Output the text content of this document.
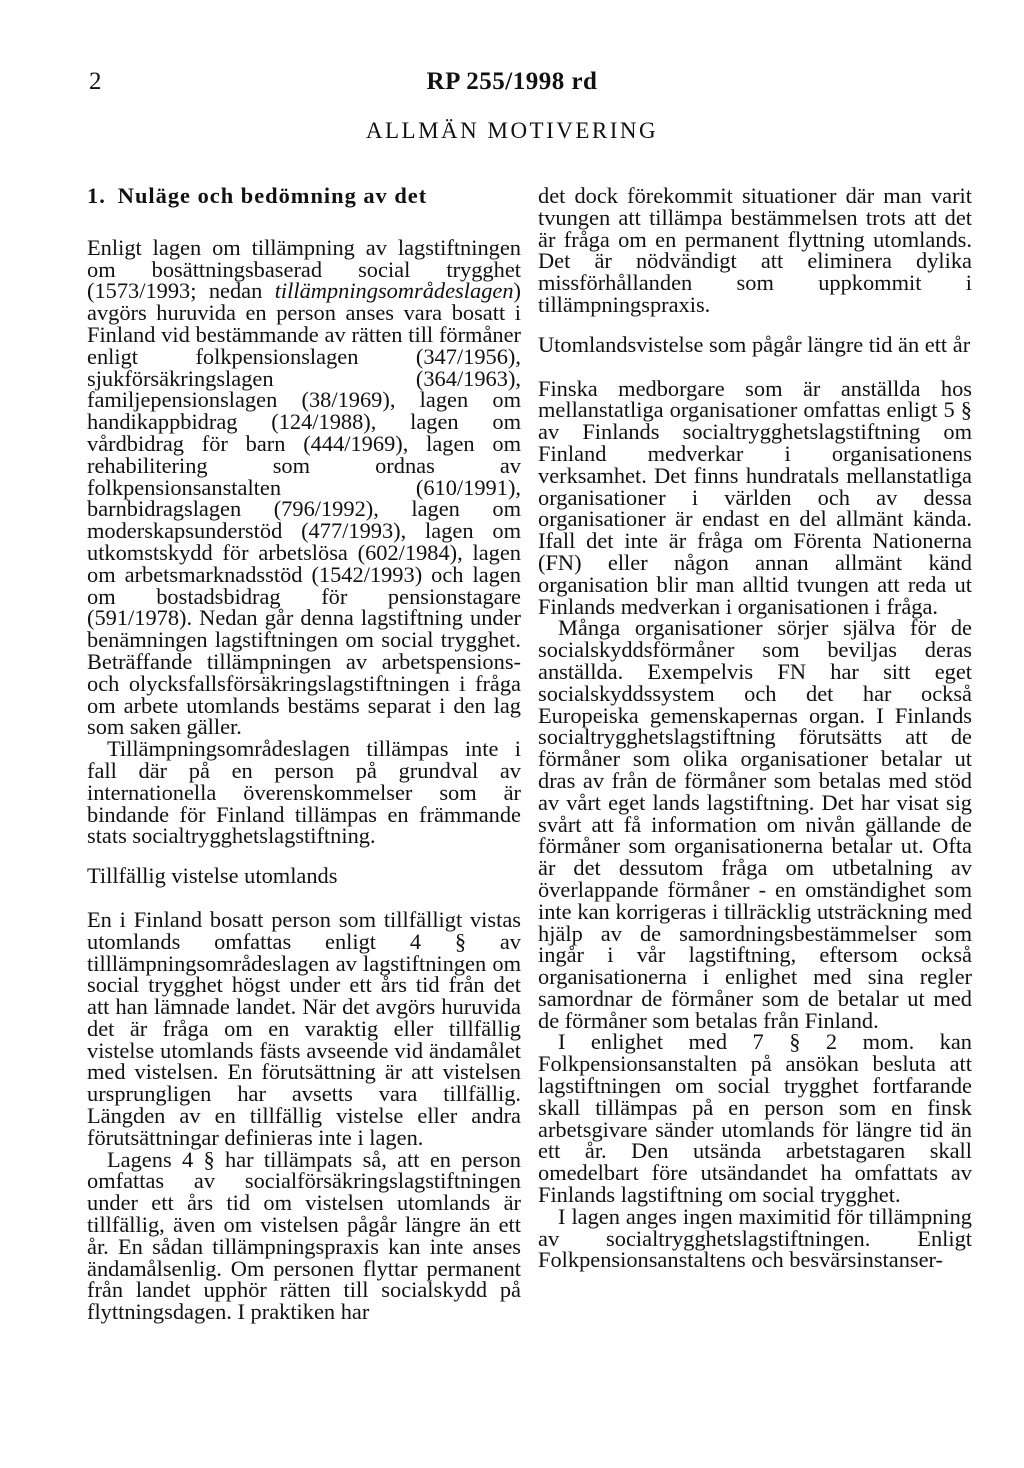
2	RP 255/1998 rd
ALLMÄN MOTIVERING

1. Nuläge och bedömning av det

Enligt lagen om tillämpning av lagstiftningen om bosättningsbaserad social trygghet (1573/1993; nedan tillämpningsområdeslagen) avgörs huruvida en person anses vara bosatt i Finland vid bestämmande av rätten till förmåner enligt folkpensionslagen (347/1956), sjukförsäkringslagen (364/1963), familjepensionslagen (38/1969), lagen om handikappbidrag (124/1988), lagen om vårdbidrag för barn (444/1969), lagen om rehabilitering som ordnas av folkpensionsanstalten (610/1991), barnbidragslagen (796/1992), lagen om moderskapsunderstöd (477/1993), lagen om utkomstskydd för arbetslösa (602/1984), lagen om arbetsmarknadsstöd (1542/1993) och lagen om bostadsbidrag för pensionstagare (591/1978). Nedan går denna lagstiftning under benämningen lagstiftningen om social trygghet. Beträffande tillämpningen av arbetspensions- och olycksfallsförsäkringslagstiftningen i fråga om arbete utomlands bestäms separat i den lag som saken gäller.

Tillämpningsområdeslagen tillämpas inte i fall där på en person på grundval av internationella överenskommelser som är bindande för Finland tillämpas en främmande stats socialtrygghetslagstiftning.

Tillfällig vistelse utomlands

En i Finland bosatt person som tillfälligt vistas utomlands omfattas enligt 4 § av tilllämpningsområdeslagen av lagstiftningen om social trygghet högst under ett års tid från det att han lämnade landet. När det avgörs huruvida det är fråga om en varaktig eller tillfällig vistelse utomlands fästs avseende vid ändamålet med vistelsen. En förutsättning är att vistelsen ursprungligen har avsetts vara tillfällig. Längden av en tillfällig vistelse eller andra förutsättningar definieras inte i lagen.

Lagens 4 § har tillämpats så, att en person omfattas av socialförsäkringslagstiftningen under ett års tid om vistelsen utomlands är tillfällig, även om vistelsen pågår längre än ett år. En sådan tillämpningspraxis kan inte anses ändamålsenlig. Om personen flyttar permanent från landet upphör rätten till socialskydd på flyttningsdagen. I praktiken har

det dock förekommit situationer där man varit tvungen att tillämpa bestämmelsen trots att det är fråga om en permanent flyttning utomlands. Det är nödvändigt att eliminera dylika missförhållanden som uppkommit i tillämpningspraxis.

Utomlandsvistelse som pågår längre tid än ett år

Finska medborgare som är anställda hos mellanstatliga organisationer omfattas enligt 5 § av Finlands socialtrygghetslagstiftning om Finland medverkar i organisationens verksamhet. Det finns hundratals mellanstatliga organisationer i världen och av dessa organisationer är endast en del allmänt kända. Ifall det inte är fråga om Förenta Nationerna (FN) eller någon annan allmänt känd organisation blir man alltid tvungen att reda ut Finlands medverkan i organisationen i fråga.

Många organisationer sörjer själva för de socialskyddsförmåner som beviljas deras anställda. Exempelvis FN har sitt eget socialskyddssystem och det har också Europeiska gemenskapernas organ. I Finlands socialtrygghetslagstiftning förutsätts att de förmåner som olika organisationer betalar ut dras av från de förmåner som betalas med stöd av vårt eget lands lagstiftning. Det har visat sig svårt att få information om nivån gällande de förmåner som organisationerna betalar ut. Ofta är det dessutom fråga om utbetalning av överlappande förmåner - en omständighet som inte kan korrigeras i tillräcklig utsträckning med hjälp av de samordningsbestämmelser som ingår i vår lagstiftning, eftersom också organisationerna i enlighet med sina regler samordnar de förmåner som de betalar ut med de förmåner som betalas från Finland.

I enlighet med 7 § 2 mom. kan Folkpensionsanstalten på ansökan besluta att lagstiftningen om social trygghet fortfarande skall tillämpas på en person som en finsk arbetsgivare sänder utomlands för längre tid än ett år. Den utsända arbetstagaren skall omedelbart före utsändandet ha omfattats av Finlands lagstiftning om social trygghet.

I lagen anges ingen maximitid för tillämpning av socialtrygghetslagstiftningen. Enligt Folkpensionsanstaltens och besvärsinstanser-
